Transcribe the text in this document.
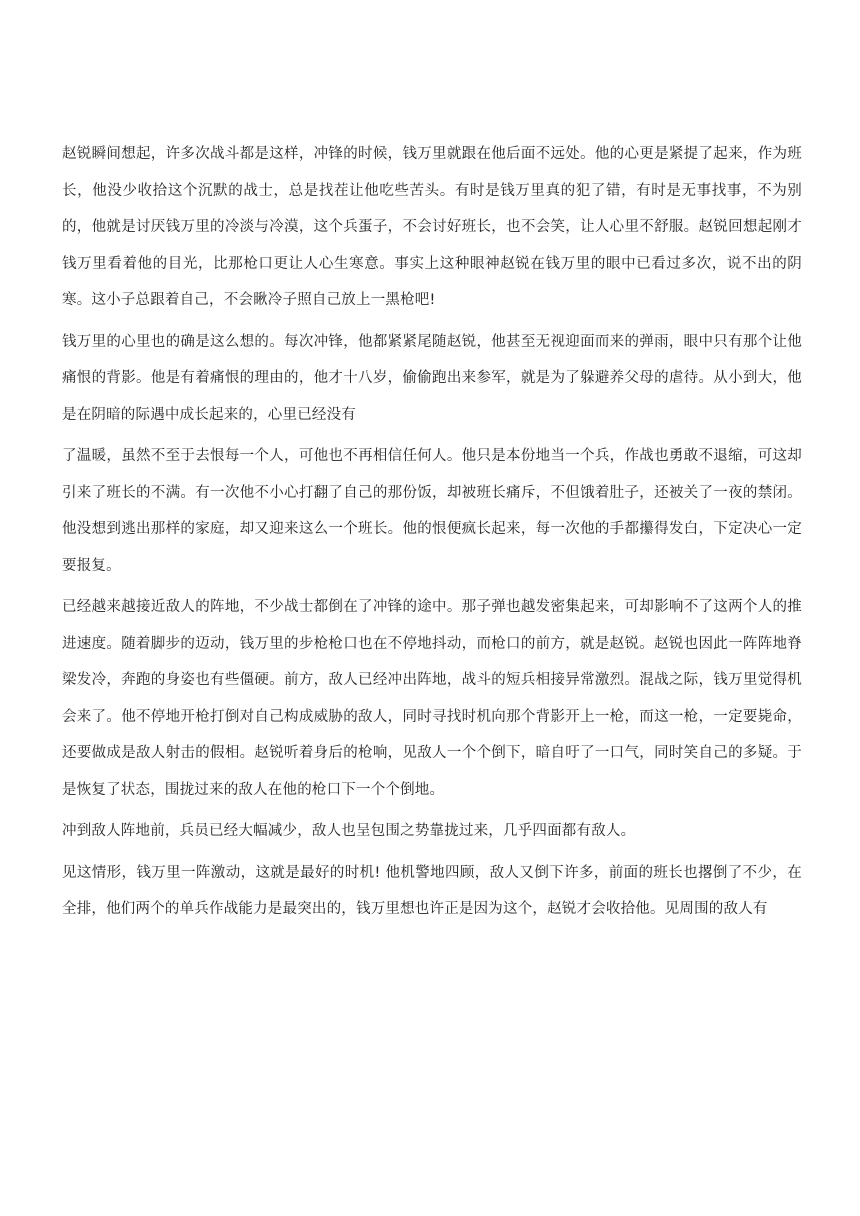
赵锐瞬间想起，许多次战斗都是这样，冲锋的时候，钱万里就跟在他后面不远处。他的心更是紧提了起来，作为班长，他没少收拾这个沉默的战士，总是找茬让他吃些苦头。有时是钱万里真的犯了错，有时是无事找事，不为别的，他就是讨厌钱万里的冷淡与冷漠，这个兵蛋子，不会讨好班长，也不会笑，让人心里不舒服。赵锐回想起刚才钱万里看着他的目光，比那枪口更让人心生寒意。事实上这种眼神赵锐在钱万里的眼中已看过多次，说不出的阴寒。这小子总跟着自己，不会瞅冷子照自己放上一黑枪吧!

钱万里的心里也的确是这么想的。每次冲锋，他都紧紧尾随赵锐，他甚至无视迎面而来的弹雨，眼中只有那个让他痛恨的背影。他是有着痛恨的理由的，他才十八岁，偷偷跑出来参军，就是为了躲避养父母的虐待。从小到大，他是在阴暗的际遇中成长起来的，心里已经没有

了温暖，虽然不至于去恨每一个人，可他也不再相信任何人。他只是本份地当一个兵，作战也勇敢不退缩，可这却引来了班长的不满。有一次他不小心打翻了自己的那份饭，却被班长痛斥，不但饿着肚子，还被关了一夜的禁闭。他没想到逃出那样的家庭，却又迎来这么一个班长。他的恨便疯长起来，每一次他的手都攥得发白，下定决心一定要报复。

已经越来越接近敌人的阵地，不少战士都倒在了冲锋的途中。那子弹也越发密集起来，可却影响不了这两个人的推进速度。随着脚步的迈动，钱万里的步枪枪口也在不停地抖动，而枪口的前方，就是赵锐。赵锐也因此一阵阵地脊梁发冷，奔跑的身姿也有些僵硬。前方，敌人已经冲出阵地，战斗的短兵相接异常激烈。混战之际，钱万里觉得机会来了。他不停地开枪打倒对自己构成威胁的敌人，同时寻找时机向那个背影开上一枪，而这一枪，一定要毙命，还要做成是敌人射击的假相。赵锐听着身后的枪响，见敌人一个个倒下，暗自吁了一口气，同时笑自己的多疑。于是恢复了状态，围拢过来的敌人在他的枪口下一个个倒地。

冲到敌人阵地前，兵员已经大幅减少，敌人也呈包围之势靠拢过来，几乎四面都有敌人。

见这情形，钱万里一阵激动，这就是最好的时机! 他机警地四顾，敌人又倒下许多，前面的班长也撂倒了不少，在全排，他们两个的单兵作战能力是最突出的，钱万里想也许正是因为这个，赵锐才会收拾他。见周围的敌人有
